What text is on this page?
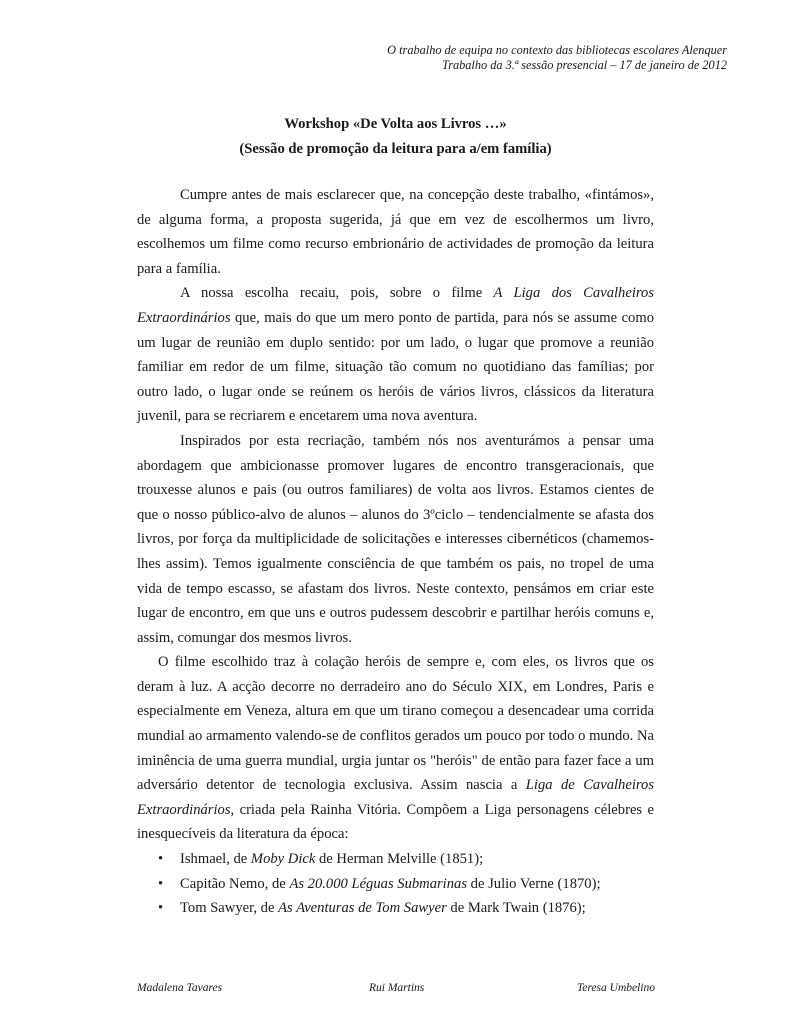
O trabalho de equipa no contexto das bibliotecas escolares Alenquer
Trabalho da 3.ª sessão presencial – 17 de janeiro de 2012
Workshop «De Volta aos Livros …»
(Sessão de promoção da leitura para a/em família)

Cumpre antes de mais esclarecer que, na concepção deste trabalho, «fintámos», de alguma forma, a proposta sugerida, já que em vez de escolhermos um livro, escolhemos um filme como recurso embrionário de actividades de promoção da leitura para a família.

A nossa escolha recaiu, pois, sobre o filme A Liga dos Cavalheiros Extraordinários que, mais do que um mero ponto de partida, para nós se assume como um lugar de reunião em duplo sentido: por um lado, o lugar que promove a reunião familiar em redor de um filme, situação tão comum no quotidiano das famílias; por outro lado, o lugar onde se reúnem os heróis de vários livros, clássicos da literatura juvenil, para se recriarem e encetarem uma nova aventura.

Inspirados por esta recriação, também nós nos aventurámos a pensar uma abordagem que ambicionasse promover lugares de encontro transgeracionais, que trouxesse alunos e pais (ou outros familiares) de volta aos livros. Estamos cientes de que o nosso público-alvo de alunos – alunos do 3ºciclo – tendencialmente se afasta dos livros, por força da multiplicidade de solicitações e interesses cibernéticos (chamemos-lhes assim). Temos igualmente consciência de que também os pais, no tropel de uma vida de tempo escasso, se afastam dos livros. Neste contexto, pensámos em criar este lugar de encontro, em que uns e outros pudessem descobrir e partilhar heróis comuns e, assim, comungar dos mesmos livros.

O filme escolhido traz à colação heróis de sempre e, com eles, os livros que os deram à luz. A acção decorre no derradeiro ano do Século XIX, em Londres, Paris e especialmente em Veneza, altura em que um tirano começou a desencadear uma corrida mundial ao armamento valendo-se de conflitos gerados um pouco por todo o mundo. Na iminência de uma guerra mundial, urgia juntar os "heróis" de então para fazer face a um adversário detentor de tecnologia exclusiva. Assim nascia a Liga de Cavalheiros Extraordinários, criada pela Rainha Vitória. Compõem a Liga personagens célebres e inesquecíveis da literatura da época:

• Ishmael, de Moby Dick de Herman Melville (1851);
• Capitão Nemo, de As 20.000 Léguas Submarinas de Julio Verne (1870);
• Tom Sawyer, de As Aventuras de Tom Sawyer de Mark Twain (1876);
Madalena Tavares	Rui Martins	Teresa Umbelino
